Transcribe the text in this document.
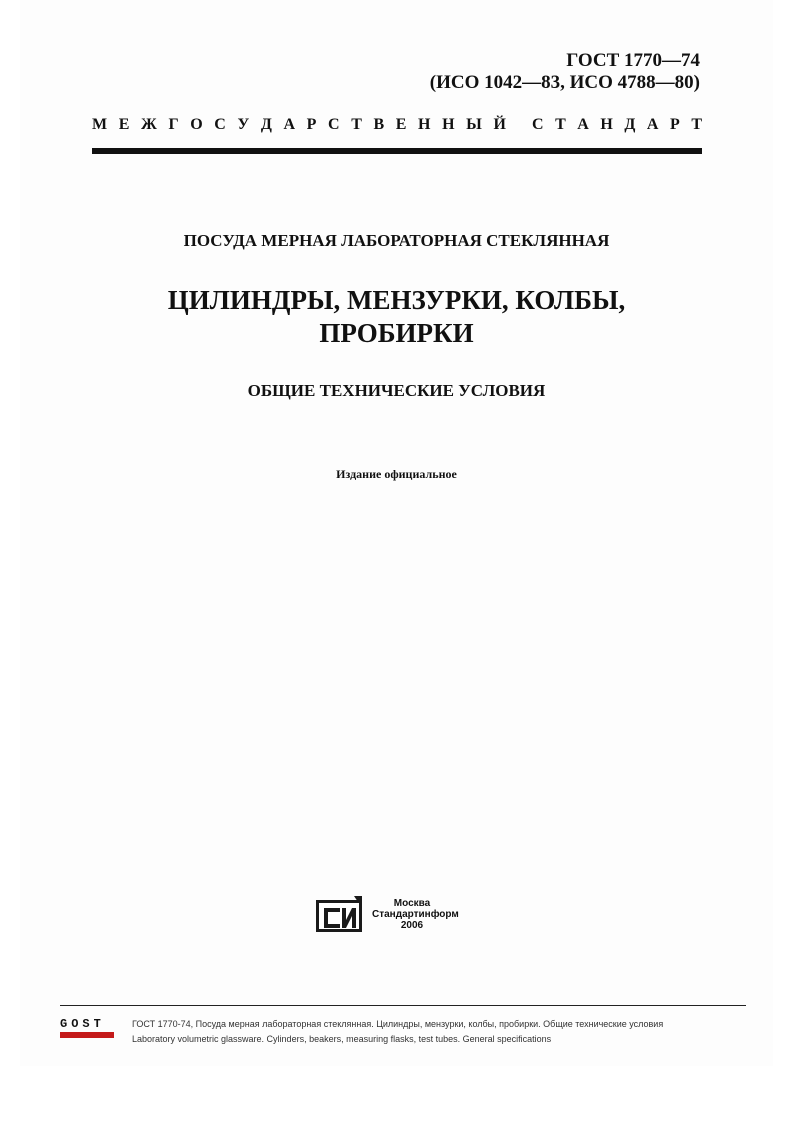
ГОСТ 1770—74
(ИСО 1042—83, ИСО 4788—80)
М Е Ж Г О С У Д А Р С Т В Е Н Н Ы Й С Т А Н Д А Р Т
ПОСУДА МЕРНАЯ ЛАБОРАТОРНАЯ СТЕКЛЯННАЯ
ЦИЛИНДРЫ, МЕНЗУРКИ, КОЛБЫ,
ПРОБИРКИ
ОБЩИЕ ТЕХНИЧЕСКИЕ УСЛОВИЯ
Издание официальное
Москва
Стандартинформ
2006
GOST	ГОСТ 1770-74, Посуда мерная лабораторная стеклянная. Цилиндры, мензурки, колбы, пробирки. Общие технические условия
Laboratory volumetric glassware. Cylinders, beakers, measuring flasks, test tubes. General specifications
